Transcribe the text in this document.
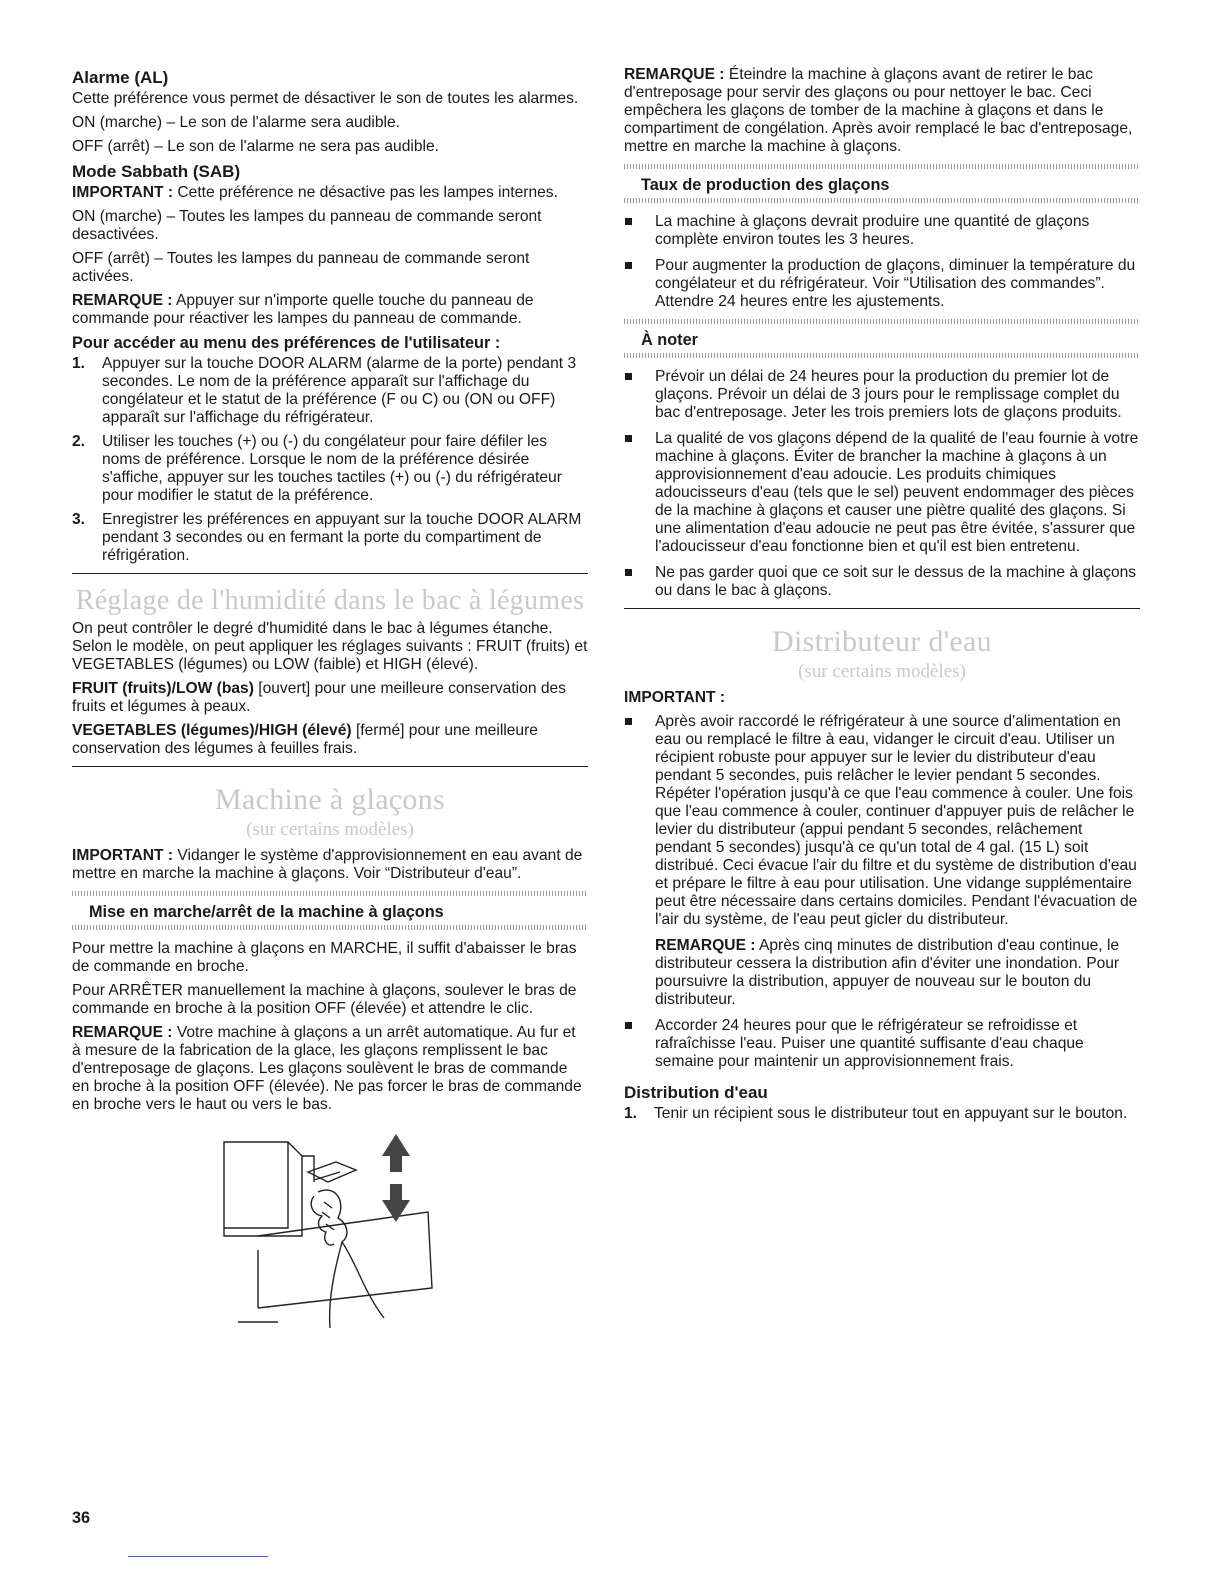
Alarme (AL)

Cette préférence vous permet de désactiver le son de toutes les alarmes.

ON (marche) – Le son de l'alarme sera audible.

OFF (arrêt) – Le son de l'alarme ne sera pas audible.

Mode Sabbath (SAB)

IMPORTANT : Cette préférence ne désactive pas les lampes internes.

ON (marche) – Toutes les lampes du panneau de commande seront desactivées.

OFF (arrêt) – Toutes les lampes du panneau de commande seront activées.

REMARQUE : Appuyer sur n'importe quelle touche du panneau de commande pour réactiver les lampes du panneau de commande.

Pour accéder au menu des préférences de l'utilisateur :
1. Appuyer sur la touche DOOR ALARM (alarme de la porte) pendant 3 secondes. Le nom de la préférence apparaît sur l'affichage du congélateur et le statut de la préférence (F ou C) ou (ON ou OFF) apparaît sur l'affichage du réfrigérateur.
2. Utiliser les touches (+) ou (-) du congélateur pour faire défiler les noms de préférence. Lorsque le nom de la préférence désirée s'affiche, appuyer sur les touches tactiles (+) ou (-) du réfrigérateur pour modifier le statut de la préférence.
3. Enregistrer les préférences en appuyant sur la touche DOOR ALARM pendant 3 secondes ou en fermant la porte du compartiment de réfrigération.
Réglage de l'humidité dans le bac à légumes

On peut contrôler le degré d'humidité dans le bac à légumes étanche. Selon le modèle, on peut appliquer les réglages suivants : FRUIT (fruits) et VEGETABLES (légumes) ou LOW (faible) et HIGH (élevé).

FRUIT (fruits)/LOW (bas) [ouvert] pour une meilleure conservation des fruits et légumes à peaux.

VEGETABLES (légumes)/HIGH (élevé) [fermé] pour une meilleure conservation des légumes à feuilles frais.

Machine à glaçons
(sur certains modèles)

IMPORTANT : Vidanger le système d'approvisionnement en eau avant de mettre en marche la machine à glaçons. Voir “Distributeur d'eau”.

Mise en marche/arrêt de la machine à glaçons

Pour mettre la machine à glaçons en MARCHE, il suffit d'abaisser le bras de commande en broche.

Pour ARRÊTER manuellement la machine à glaçons, soulever le bras de commande en broche à la position OFF (élevée) et attendre le clic.

REMARQUE : Votre machine à glaçons a un arrêt automatique. Au fur et à mesure de la fabrication de la glace, les glaçons remplissent le bac d'entreposage de glaçons. Les glaçons soulèvent le bras de commande en broche à la position OFF (élevée). Ne pas forcer le bras de commande en broche vers le haut ou vers le bas.

REMARQUE : Éteindre la machine à glaçons avant de retirer le bac d'entreposage pour servir des glaçons ou pour nettoyer le bac. Ceci empêchera les glaçons de tomber de la machine à glaçons et dans le compartiment de congélation. Après avoir remplacé le bac d'entreposage, mettre en marche la machine à glaçons.

Taux de production des glaçons
La machine à glaçons devrait produire une quantité de glaçons complète environ toutes les 3 heures.
Pour augmenter la production de glaçons, diminuer la température du congélateur et du réfrigérateur. Voir “Utilisation des commandes”. Attendre 24 heures entre les ajustements.
À noter
Prévoir un délai de 24 heures pour la production du premier lot de glaçons. Prévoir un délai de 3 jours pour le remplissage complet du bac d'entreposage. Jeter les trois premiers lots de glaçons produits.
La qualité de vos glaçons dépend de la qualité de l'eau fournie à votre machine à glaçons. Éviter de brancher la machine à glaçons à un approvisionnement d'eau adoucie. Les produits chimiques adoucisseurs d'eau (tels que le sel) peuvent endommager des pièces de la machine à glaçons et causer une piètre qualité des glaçons. Si une alimentation d'eau adoucie ne peut pas être évitée, s'assurer que l'adoucisseur d'eau fonctionne bien et qu'il est bien entretenu.
Ne pas garder quoi que ce soit sur le dessus de la machine à glaçons ou dans le bac à glaçons.
Distributeur d'eau
(sur certains modèles)

IMPORTANT :

Après avoir raccordé le réfrigérateur à une source d'alimentation en eau ou remplacé le filtre à eau, vidanger le circuit d'eau. Utiliser un récipient robuste pour appuyer sur le levier du distributeur d'eau pendant 5 secondes, puis relâcher le levier pendant 5 secondes. Répéter l'opération jusqu'à ce que l'eau commence à couler. Une fois que l'eau commence à couler, continuer d'appuyer puis de relâcher le levier du distributeur (appui pendant 5 secondes, relâchement pendant 5 secondes) jusqu'à ce qu'un total de 4 gal. (15 L) soit distribué. Ceci évacue l'air du filtre et du système de distribution d'eau et prépare le filtre à eau pour utilisation. Une vidange supplémentaire peut être nécessaire dans certains domiciles. Pendant l'évacuation de l'air du système, de l'eau peut gicler du distributeur.

REMARQUE : Après cinq minutes de distribution d'eau continue, le distributeur cessera la distribution afin d'éviter une inondation. Pour poursuivre la distribution, appuyer de nouveau sur le bouton du distributeur.

Accorder 24 heures pour que le réfrigérateur se refroidisse et rafraîchisse l'eau. Puiser une quantité suffisante d'eau chaque semaine pour maintenir un approvisionnement frais.
Distribution d'eau
1. Tenir un récipient sous le distributeur tout en appuyant sur le bouton.
36
